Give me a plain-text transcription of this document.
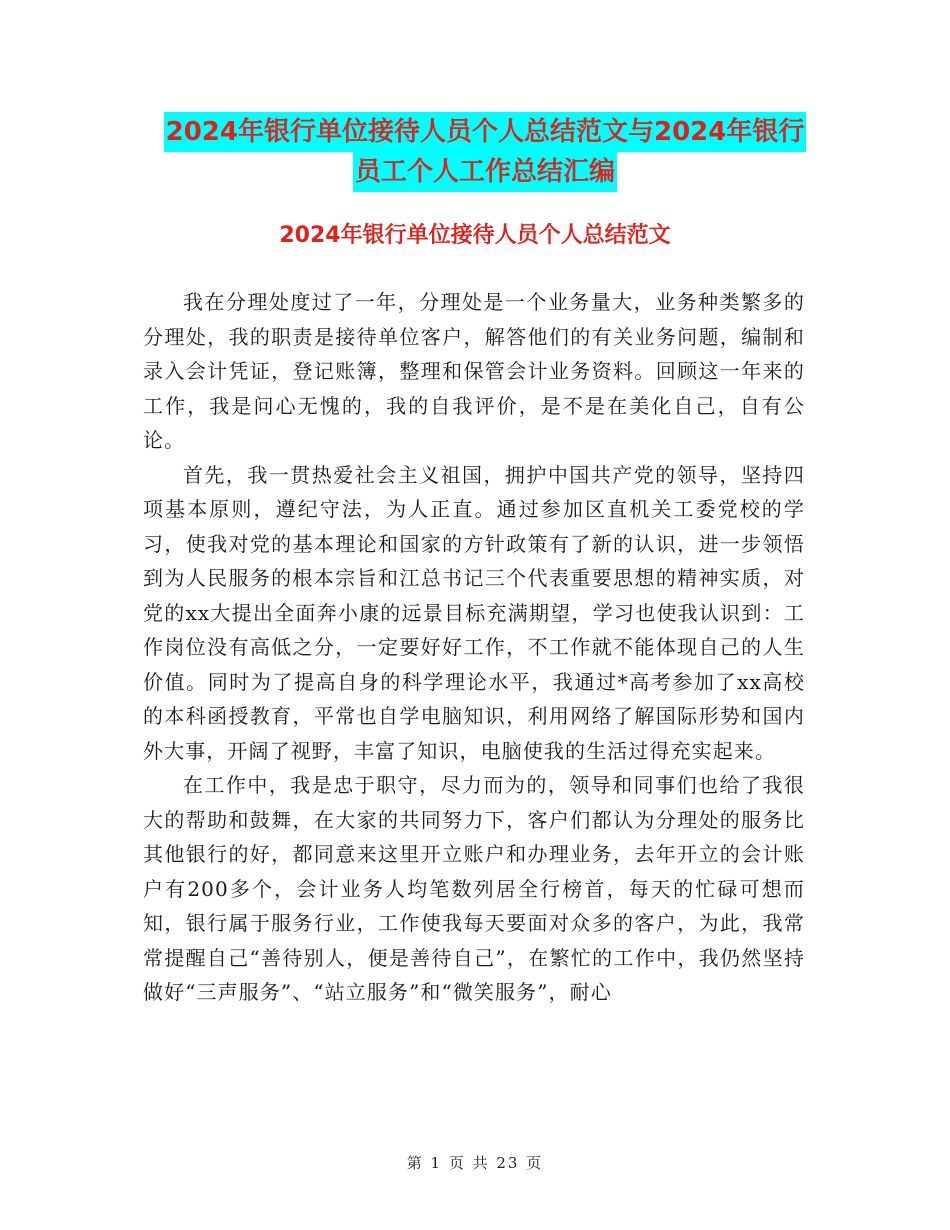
2024年银行单位接待人员个人总结范文与2024年银行
员工个人工作总结汇编
2024年银行单位接待人员个人总结范文

我在分理处度过了一年，分理处是一个业务量大，业务种类繁多的分理处，我的职责是接待单位客户，解答他们的有关业务问题，编制和录入会计凭证，登记账簿，整理和保管会计业务资料。回顾这一年来的工作，我是问心无愧的，我的自我评价，是不是在美化自己，自有公论。

首先，我一贯热爱社会主义祖国，拥护中国共产党的领导，坚持四项基本原则，遵纪守法，为人正直。通过参加区直机关工委党校的学习，使我对党的基本理论和国家的方针政策有了新的认识，进一步领悟到为人民服务的根本宗旨和江总书记三个代表重要思想的精神实质，对党的xx大提出全面奔小康的远景目标充满期望，学习也使我认识到：工作岗位没有高低之分，一定要好好工作，不工作就不能体现自己的人生价值。同时为了提高自身的科学理论水平，我通过*高考参加了xx高校的本科函授教育，平常也自学电脑知识，利用网络了解国际形势和国内外大事，开阔了视野，丰富了知识，电脑使我的生活过得充实起来。

在工作中，我是忠于职守，尽力而为的，领导和同事们也给了我很大的帮助和鼓舞，在大家的共同努力下，客户们都认为分理处的服务比其他银行的好，都同意来这里开立账户和办理业务，去年开立的会计账户有200多个，会计业务人均笔数列居全行榜首，每天的忙碌可想而知，银行属于服务行业，工作使我每天要面对众多的客户，为此，我常常提醒自己“善待别人，便是善待自己”，在繁忙的工作中，我仍然坚持做好“三声服务”、“站立服务”和“微笑服务”，耐心

第 1 页 共 23 页
